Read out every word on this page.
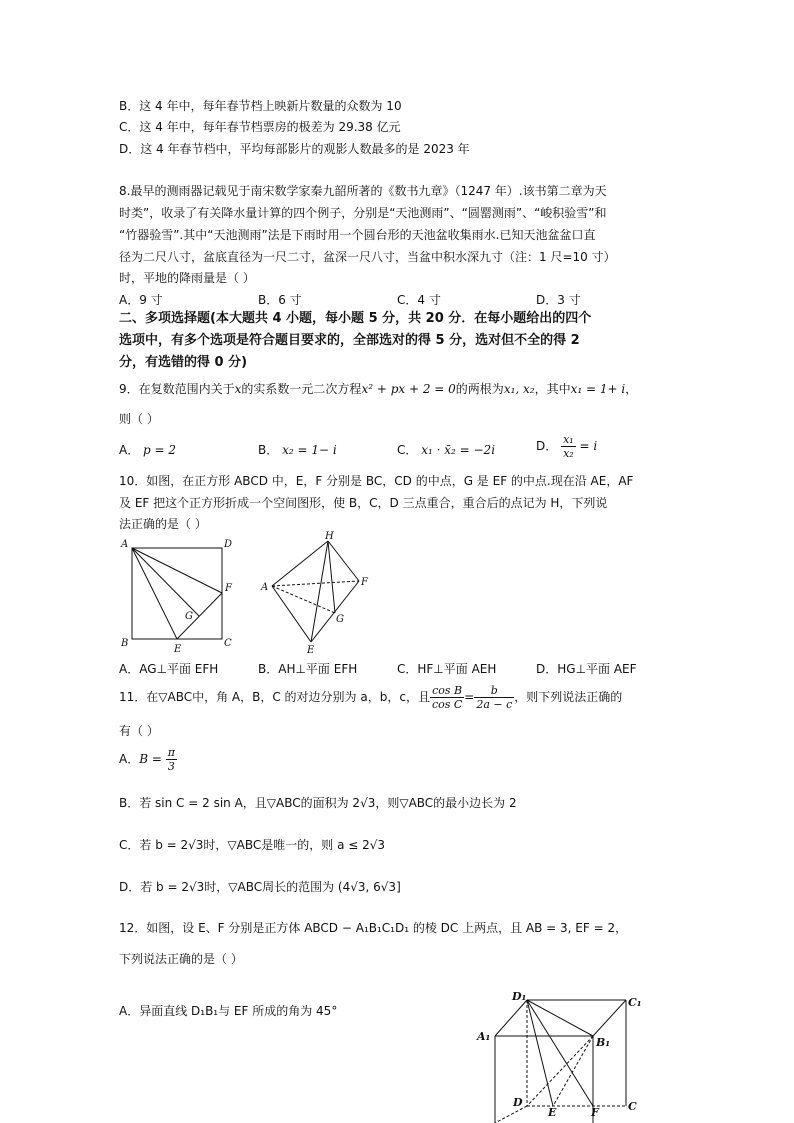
B．这 4 年中，每年春节档上映新片数量的众数为 10
C．这 4 年中，每年春节档票房的极差为 29.38 亿元
D．这 4 年春节档中，平均每部影片的观影人数最多的是 2023 年
8.最早的测雨器记载见于南宋数学家秦九韶所著的《数书九章》（1247 年）.该书第二章为天
时类”，收录了有关降水量计算的四个例子，分别是“天池测雨”、“圆罂测雨”、“峻积验雪”和
“竹器验雪”.其中“天池测雨”法是下雨时用一个圆台形的天池盆收集雨水.已知天池盆盆口直
径为二尺八寸，盆底直径为一尺二寸，盆深一尺八寸，当盆中积水深九寸（注：1 尺=10 寸）
时，平地的降雨量是（ ）
A．9 寸	B．6 寸	C．4 寸	D．3 寸
二、多项选择题(本大题共 4 小题，每小题 5 分，共 20 分．在每小题给出的四个
选项中，有多个选项是符合题目要求的，全部选对的得 5 分，选对但不全的得 2
分，有选错的得 0 分)
9．在复数范围内关于x的实系数一元二次方程x² + px + 2 = 0的两根为x₁, x₂，其中x₁ = 1+ i，
则（ ）
A． p = 2	B． x₂ = 1− i	C． x₁ · x̄₂ = −2i	D． $\frac{\text{x₁}}{\text{x₂}} = i$
10．如图，在正方形 ABCD 中，E，F 分别是 BC，CD 的中点，G 是 EF 的中点.现在沿 AE，AF
及 EF 把这个正方形折成一个空间图形，使 B，C，D 三点重合，重合后的点记为 H，下列说
法正确的是（ ）
A	D
F
G
B
E
C
H
F
A
G
E
A．AG⊥平面 EFH	B．AH⊥平面 EFH	C．HF⊥平面 AEH	D．HG⊥平面 AEF
11．在▽ABC中，角 A，B，C 的对边分别为 a，b，c，且 $\frac{\text{cos B}}{\text{cos C}} = \frac{b}{2a - c}$ ，则下列说法正确的
有（ ）
A．$B = \frac{\pi}{3}$
B．若 sin C = 2 sin A，且▽ABC的面积为 2√3，则▽ABC的最小边长为 2
C．若 b = 2√3时，▽ABC是唯一的，则 a ≤ 2√3
D．若 b = 2√3时，▽ABC周长的范围为 (4√3, 6√3]
12．如图，设 E、F 分别是正方体 ABCD − A₁B₁C₁D₁ 的棱 DC 上两点，且 AB = 3, EF = 2，
下列说法正确的是（ ）
A．异面直线 D₁B₁与 EF 所成的角为 45°
D₁	C₁
A₁	B₁
D
E	F	C
